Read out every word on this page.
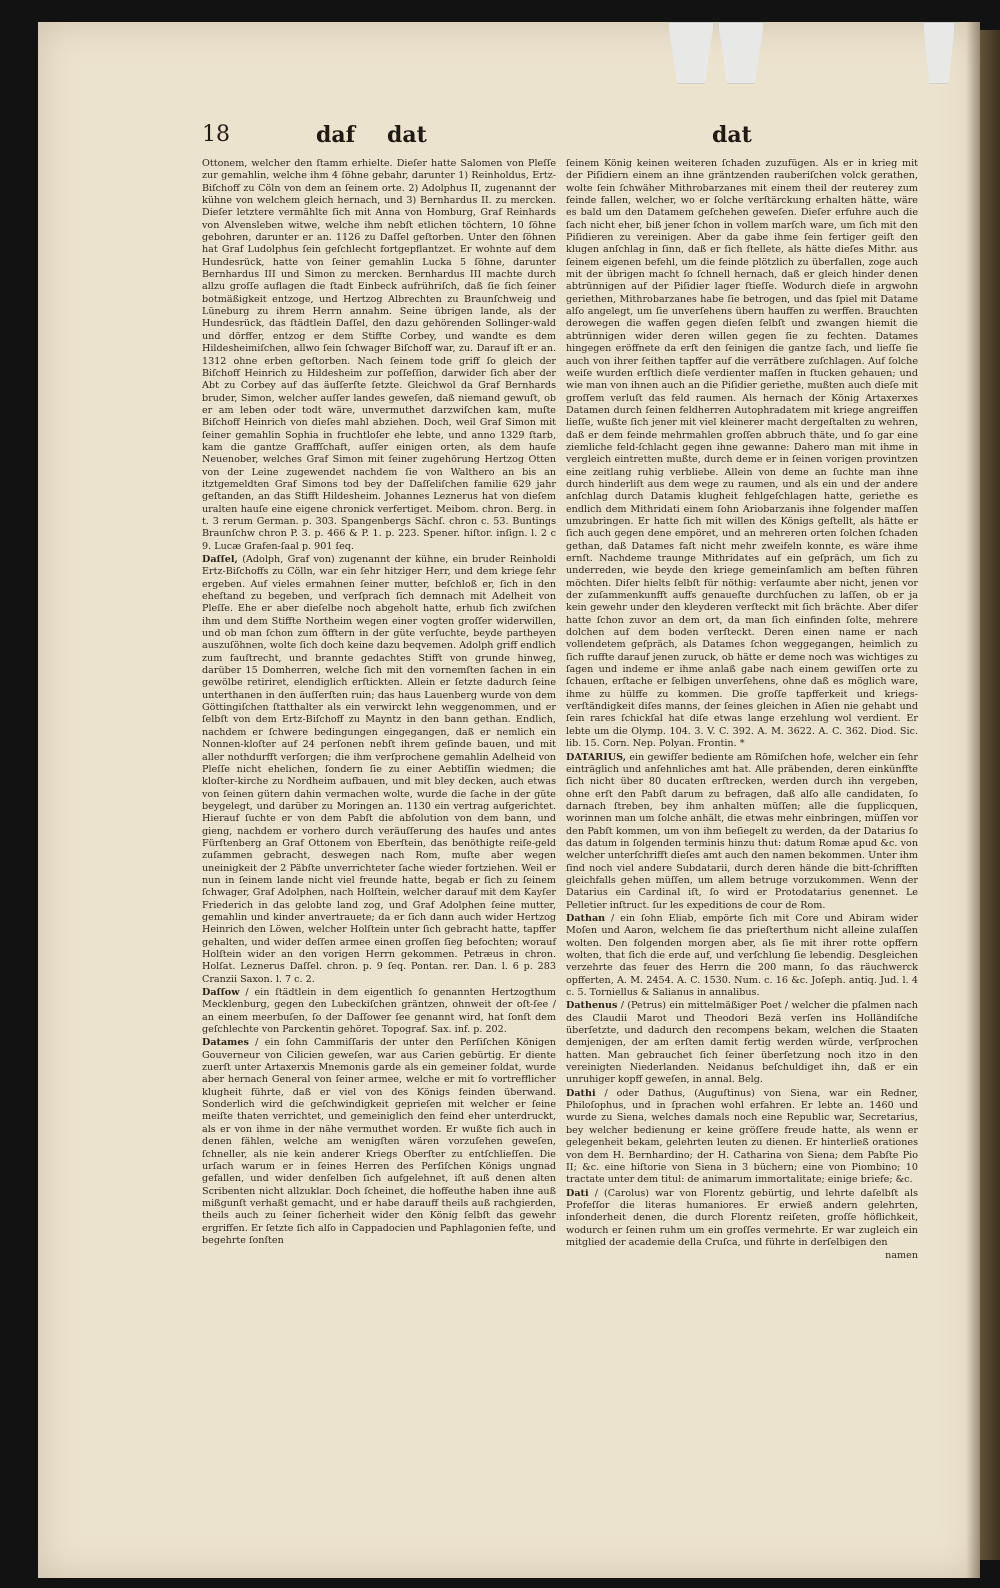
18	daf dat	dat

Ottonem, welcher den ſtamm erhielte. Dieſer hatte Salomen von Pleſſe zur gemahlin, welche ihm 4 ſöhne gebahr, darunter 1) Reinholdus, Ertz-Biſchoff zu Cöln von dem an ſeinem orte. 2) Adolphus II, zugenannt der kühne von welchem gleich hernach, und 3) Bernhardus II. zu mercken. Dieſer letztere vermählte ſich mit Anna von Homburg, Graf Reinhards von Alvensleben witwe, welche ihm nebſt etlichen töchtern, 10 ſöhne gebohren, darunter er an. 1126 zu Daſſel geſtorben. Unter den ſöhnen hat Graf Ludolphus ſein geſchlecht fortgepflantzet. Er wohnte auf dem Hundesrück, hatte von ſeiner gemahlin Lucka 5 ſöhne, darunter Bernhardus III und Simon zu mercken. Bernhardus III machte durch allzu groſſe auflagen die ſtadt Einbeck aufrühriſch, daß ſie ſich ſeiner botmäßigkeit entzoge, und Hertzog Albrechten zu Braunſchweig und Lüneburg zu ihrem Herrn annahm. Seine übrigen lande, als der Hundesrück, das ſtädtlein Daſſel, den dazu gehörenden Sollinger-wald und dörffer, entzog er dem Stiffte Corbey, und wandte es dem Hildesheimiſchen, allwo ſein ſchwager Biſchoff war, zu. Darauf iſt er an. 1312 ohne erben geſtorben. Nach ſeinem tode griff ſo gleich der Biſchoff Heinrich zu Hildesheim zur poſſeſſion, darwider ſich aber der Abt zu Corbey auf das äuſſerſte ſetzte. Gleichwol da Graf Bernhards bruder, Simon, welcher auſſer landes geweſen, daß niemand gewuſt, ob er am leben oder todt wäre, unvermuthet darzwiſchen kam, muſte Biſchoff Heinrich von dieſes mahl abziehen. Doch, weil Graf Simon mit ſeiner gemahlin Sophia in fruchtloſer ehe lebte, und anno 1329 ſtarb, kam die gantze Graffſchaft, auſſer einigen orten, als dem hauſe Neuenober, welches Graf Simon mit ſeiner zugehörung Hertzog Otten von der Leine zugewendet nachdem ſie von Walthero an bis an itztgemeldten Graf Simons tod bey der Daſſeliſchen familie 629 jahr geſtanden, an das Stifft Hildesheim. Johannes Leznerus hat von dieſem uralten hauſe eine eigene chronick verfertiget. Meibom. chron. Berg. in t. 3 rerum German. p. 303. Spangenbergs Sächſ. chron c. 53. Buntings Braunſchw chron P. 3. p. 466 & P. 1. p. 223. Spener. hiſtor. inſign. l. 2 c 9. Lucæ Grafen-ſaal p. 901 ſeq.

Daſſel, (Adolph, Graf von) zugenannt der kühne, ein bruder Reinholdi Ertz-Biſchoffs zu Cölln, war ein ſehr hitziger Herr, und dem kriege ſehr ergeben. Auf vieles ermahnen ſeiner mutter, beſchloß er, ſich in den eheſtand zu begeben, und verſprach ſich demnach mit Adelheit von Pleſſe. Ehe er aber dieſelbe noch abgeholt hatte, erhub ſich zwiſchen ihm und dem Stiffte Northeim wegen einer vogten groſſer widerwillen, und ob man ſchon zum öfftern in der güte verſuchte, beyde partheyen auszuſöhnen, wolte ſich doch keine dazu beqvemen. Adolph griff endlich zum fauſtrecht, und brannte gedachtes Stifft von grunde hinweg, darüber 15 Domherren, welche ſich mit den vornemſten ſachen in ein gewölbe retiriret, elendiglich erſtickten. Allein er ſetzte dadurch ſeine unterthanen in den äuſſerſten ruin; das haus Lauenberg wurde von dem Göttingiſchen ſtatthalter als ein verwirckt lehn weggenommen, und er ſelbſt von dem Ertz-Biſchoff zu Mayntz in den bann gethan. Endlich, nachdem er ſchwere bedingungen eingegangen, daß er nemlich ein Nonnen-kloſter auf 24 perſonen nebſt ihrem geſinde bauen, und mit aller nothdurfft verſorgen; die ihm verſprochene gemahlin Adelheid von Pleſſe nicht ehelichen, ſondern ſie zu einer Aebtiſſin wiedmen; die kloſter-kirche zu Nordheim aufbauen, und mit bley decken, auch etwas von ſeinen gütern dahin vermachen wolte, wurde die ſache in der güte beygelegt, und darüber zu Moringen an. 1130 ein vertrag aufgerichtet. Hierauf ſuchte er von dem Pabſt die abſolution von dem bann, und gieng, nachdem er vorhero durch veräuſſerung des hauſes und antes Fürſtenberg an Graf Ottonem von Eberſtein, das benöthigte reiſe-geld zuſammen gebracht, deswegen nach Rom, muſte aber wegen uneinigkeit der 2 Päbſte unverrichteter ſache wieder fortziehen. Weil er nun in ſeinem lande nicht viel freunde hatte, begab er ſich zu ſeinem ſchwager, Graf Adolphen, nach Holſtein, welcher darauf mit dem Kayſer Friederich in das gelobte land zog, und Graf Adolphen ſeine mutter, gemahlin und kinder anvertrauete; da er ſich dann auch wider Hertzog Heinrich den Löwen, welcher Holſtein unter ſich gebracht hatte, tapffer gehalten, und wider deſſen armee einen groſſen ſieg befochten; worauf Holſtein wider an den vorigen Herrn gekommen. Petræus in chron. Holſat. Leznerus Daſſel. chron. p. 9 ſeq. Pontan. rer. Dan. l. 6 p. 283 Cranzii Saxon. l. 7 c. 2.

Daſſow / ein ſtädtlein in dem eigentlich ſo genannten Hertzogthum Mecklenburg, gegen den Lubeckiſchen gräntzen, ohnweit der oſt-ſee / an einem meerbuſen, ſo der Daſſower ſee genannt wird, hat ſonſt dem geſchlechte von Parckentin gehöret. Topograf. Sax. inf. p. 202.

Datames / ein ſohn Cammiſſaris der unter den Perſiſchen Königen Gouverneur von Cilicien geweſen, war aus Carien gebürtig. Er diente zuerſt unter Artaxerxis Mnemonis garde als ein gemeiner ſoldat, wurde aber hernach General von ſeiner armee, welche er mit ſo vortrefflicher klugheit führte, daß er viel von des Königs feinden überwand. Sonderlich wird die geſchwindigkeit geprieſen mit welcher er ſeine meiſte thaten verrichtet, und gemeiniglich den feind eher unterdruckt, als er von ihme in der nähe vermuthet worden. Er wußte ſich auch in denen fählen, welche am wenigſten wären vorzuſehen geweſen, ſchneller, als nie kein anderer Kriegs Oberſter zu entſchlieſſen. Die urſach warum er in ſeines Herren des Perſiſchen Königs ungnad gefallen, und wider denſelben ſich aufgelehnet, iſt auß denen alten Scribenten nicht allzuklar. Doch ſcheinet, die hoffeuthe haben ihne auß mißgunſt verhaßt gemacht, und er habe darauff theils auß rachgierden, theils auch zu ſeiner ſicherheit wider den König ſelbſt das gewehr ergriffen. Er ſetzte ſich alſo in Cappadocien und Paphlagonien feſte, und begehrte ſonſten

ſeinem König keinen weiteren ſchaden zuzufügen. Als er in krieg mit der Piſidiern einem an ihne gräntzenden rauberiſchen volck gerathen, wolte ſein ſchwäher Mithrobarzanes mit einem theil der reuterey zum feinde fallen, welcher, wo er ſolche verſtärckung erhalten hätte, wäre es bald um den Datamem geſchehen geweſen. Dieſer erfuhre auch die ſach nicht eher, biß jener ſchon in vollem marſch ware, um ſich mit den Piſidieren zu vereinigen. Aber da gabe ihme ſein fertiger geiſt den klugen anſchlag in ſinn, daß er ſich ſtellete, als hätte dieſes Mithr. aus ſeinem eigenen befehl, um die feinde plötzlich zu überfallen, zoge auch mit der übrigen macht ſo ſchnell hernach, daß er gleich hinder denen abtrünnigen auf der Piſidier lager ſtieſſe. Wodurch dieſe in argwohn geriethen, Mithrobarzanes habe ſie betrogen, und das ſpiel mit Datame alſo angelegt, um ſie unverſehens übern hauffen zu werffen. Brauchten derowegen die waffen gegen dieſen ſelbſt und zwangen hiemit die abtrünnigen wider deren willen gegen ſie zu fechten. Datames hingegen eröffnete da erſt den ſeinigen die gantze ſach, und lieſſe ſie auch von ihrer ſeithen tapffer auf die verrätbere zuſchlagen. Auf ſolche weiſe wurden erſtlich dieſe verdienter maſſen in ſtucken gehauen; und wie man von ihnen auch an die Piſidier geriethe, mußten auch dieſe mit groſſem verluſt das feld raumen. Als hernach der König Artaxerxes Datamen durch ſeinen feldherren Autophradatem mit kriege angreiffen lieſſe, wußte ſich jener mit viel kleinerer macht dergeſtalten zu wehren, daß er dem feinde mehrmahlen groſſen abbruch thäte, und ſo gar eine ziemliche feld-ſchlacht gegen ihne gewanne: Dahero man mit ihme in vergleich eintretten mußte, durch deme er in ſeinen vorigen provintzen eine zeitlang ruhig verbliebe. Allein von deme an ſuchte man ihne durch hinderliſt aus dem wege zu raumen, und als ein und der andere anſchlag durch Datamis klugheit fehlgeſchlagen hatte, geriethe es endlich dem Mithridati einem ſohn Ariobarzanis ihne folgender maſſen umzubringen. Er hatte ſich mit willen des Königs geſtellt, als hätte er ſich auch gegen dene empöret, und an mehreren orten ſolchen ſchaden gethan, daß Datames faſt nicht mehr zweifeln konnte, es wäre ihme ernſt. Nachdeme traunge Mithridates auf ein geſpräch, um ſich zu underreden, wie beyde den kriege gemeinſamlich am beſten führen möchten. Diſer hielts ſelbſt für nöthig: verſaumte aber nicht, jenen vor der zuſammenkunfft auffs genaueſte durchſuchen zu laſſen, ob er ja kein gewehr under den kleyderen verſteckt mit ſich brächte. Aber diſer hatte ſchon zuvor an dem ort, da man ſich einfinden ſolte, mehrere dolchen auf dem boden verſteckt. Deren einen name er nach vollendetem geſpräch, als Datames ſchon weggegangen, heimlich zu ſich ruffte darauf jenen zuruck, ob hätte er deme noch was wichtiges zu ſagen und indeme er ihme anlaß gabe nach einem gewiſſen orte zu ſchauen, erſtache er ſelbigen unverſehens, ohne daß es möglich ware, ihme zu hülffe zu kommen. Die groſſe tapfferkeit und kriegs-verſtändigkeit diſes manns, der ſeines gleichen in Aſien nie gehabt und ſein rares ſchickſal hat diſe etwas lange erzehlung wol verdient. Er lebte um die Olymp. 104. 3. V. C. 392. A. M. 3622. A. C. 362. Diod. Sic. lib. 15. Corn. Nep. Polyan. Frontin. *

DATARIUS, ein gewiſſer bediente am Römiſchen hofe, welcher ein ſehr einträglich und anſehnliches amt hat. Alle präbenden, deren einkünffte ſich nicht über 80 ducaten erſtrecken, werden durch ihn vergeben, ohne erſt den Pabſt darum zu befragen, daß alſo alle candidaten, ſo darnach ſtreben, bey ihm anhalten müſſen; alle die ſupplicquen, worinnen man um ſolche anhält, die etwas mehr einbringen, müſſen vor den Pabſt kommen, um von ihm beſiegelt zu werden, da der Datarius ſo das datum in ſolgenden terminis hinzu thut: datum Romæ apud &c. von welcher unterſchrifft dieſes amt auch den namen bekommen. Unter ihm ſind noch viel andere Subdatarii, durch deren hände die bitt-ſchrifften gleichfalls gehen müſſen, um allem betruge vorzukommen. Wenn der Datarius ein Cardinal iſt, ſo wird er Protodatarius genennet. Le Pelletier inſtruct. ſur les expeditions de cour de Rom.

Dathan / ein ſohn Eliab, empörte ſich mit Core und Abiram wider Moſen und Aaron, welchem ſie das prieſterthum nicht alleine zulaſſen wolten. Den folgenden morgen aber, als ſie mit ihrer rotte opffern wolten, that ſich die erde auf, und verſchlung ſie lebendig. Desgleichen verzehrte das feuer des Herrn die 200 mann, ſo das räuchwerck opfferten, A. M. 2454. A. C. 1530. Num. c. 16 &c. Joſeph. antiq. Jud. l. 4 c. 5. Torniellus & Salianus in annalibus.

Dathenus / (Petrus) ein mittelmäßiger Poet / welcher die pſalmen nach des Claudii Marot und Theodori Bezä verſen ins Holländiſche überſetzte, und dadurch den recompens bekam, welchen die Staaten demjenigen, der am erſten damit fertig werden würde, verſprochen hatten. Man gebrauchet ſich ſeiner überſetzung noch itzo in den vereinigten Niederlanden. Neidanus beſchuldiget ihn, daß er ein unruhiger kopff geweſen, in annal. Belg.

Dathi / oder Dathus, (Auguſtinus) von Siena, war ein Redner, Philoſophus, und in ſprachen wohl erfahren. Er lebte an. 1460 und wurde zu Siena, welches damals noch eine Republic war, Secretarius, bey welcher bedienung er keine gröſſere freude hatte, als wenn er gelegenheit bekam, gelehrten leuten zu dienen. Er hinterließ orationes von dem H. Bernhardino; der H. Catharina von Siena; dem Pabſte Pio II; &c. eine hiſtorie von Siena in 3 büchern; eine von Piombino; 10 tractate unter dem titul: de animarum immortalitate; einige briefe; &c.

Dati / (Carolus) war von Florentz gebürtig, und lehrte daſelbſt als Profeſſor die literas humaniores. Er erwieß andern gelehrten, inſonderheit denen, die durch Florentz reiſeten, groſſe höflichkeit, wodurch er ſeinen ruhm um ein groſſes vermehrte. Er war zugleich ein mitglied der academie della Cruſca, und führte in derſelbigen den

namen
